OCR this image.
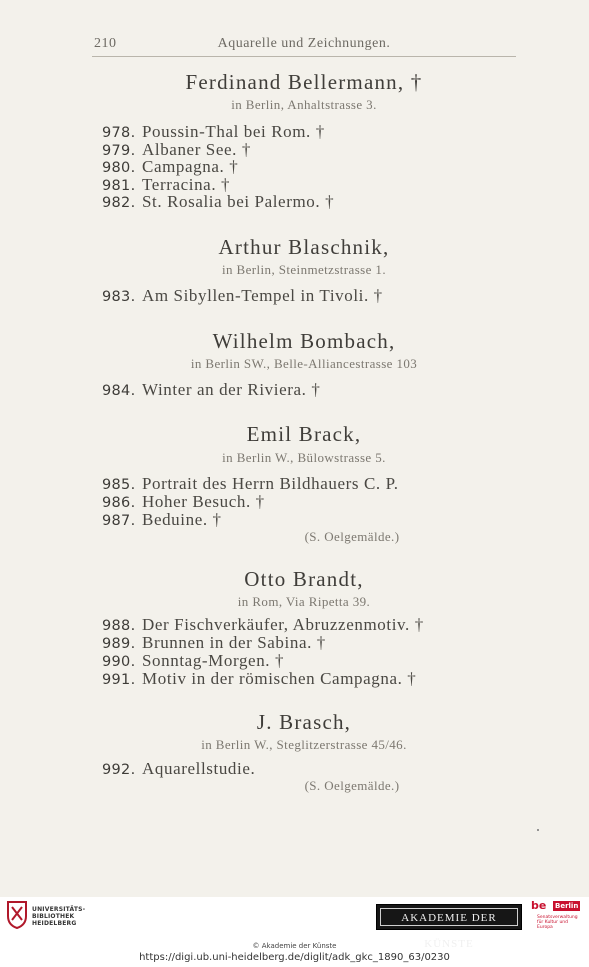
210	Aquarelle und Zeichnungen.
Ferdinand Bellermann, †
in Berlin, Anhaltstrasse 3.
978. Poussin-Thal bei Rom. †
979. Albaner See. †
980. Campagna. †
981. Terracina. †
982. St. Rosalia bei Palermo. †
Arthur Blaschnik,
in Berlin, Steinmetzstrasse 1.
983. Am Sibyllen-Tempel in Tivoli. †
Wilhelm Bombach,
in Berlin SW., Belle-Alliancestrasse 103
984. Winter an der Riviera. †
Emil Brack,
in Berlin W., Bülowstrasse 5.
985. Portrait des Herrn Bildhauers C. P.
986. Hoher Besuch. †
987. Beduine. †
(S. Oelgemälde.)
Otto Brandt,
in Rom, Via Ripetta 39.
988. Der Fischverkäufer, Abruzzenmotiv. †
989. Brunnen in der Sabina. †
990. Sonntag-Morgen. †
991. Motiv in der römischen Campagna. †
J. Brasch,
in Berlin W., Steglitzerstrasse 45/46.
992. Aquarellstudie.
(S. Oelgemälde.)
UNIVERSITÄTS-
BIBLIOTHEK
HEIDELBERG	AKADEMIE DER KÜNSTE
be Berlin
Senatsverwaltung für Kultur und Europa
© Akademie der Künste
https://digi.ub.uni-heidelberg.de/diglit/adk_gkc_1890_63/0230
